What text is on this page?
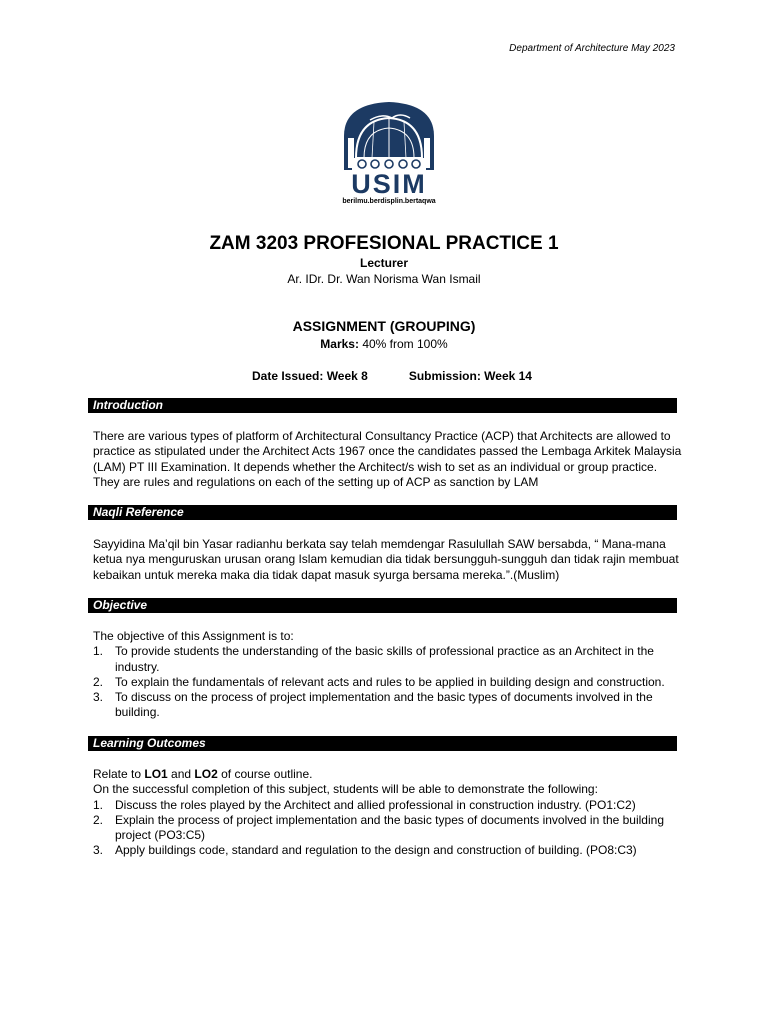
Department of Architecture May 2023
USIM
berilmu.berdisplin.bertaqwa
ZAM 3203 PROFESIONAL PRACTICE 1
Lecturer
Ar. IDr. Dr. Wan Norisma Wan Ismail
ASSIGNMENT (GROUPING)
Marks: 40% from 100%
Date Issued: Week 8	Submission: Week 14
Introduction

There are various types of platform of Architectural Consultancy Practice (ACP) that Architects are allowed to practice as stipulated under the Architect Acts 1967 once the candidates passed the Lembaga Arkitek Malaysia (LAM) PT III Examination. It depends whether the Architect/s wish to set as an individual or group practice. They are rules and regulations on each of the setting up of ACP as sanction by LAM

Naqli Reference

Sayyidina Ma’qil bin Yasar radianhu berkata say telah memdengar Rasulullah SAW bersabda, “ Mana-mana ketua nya menguruskan urusan orang Islam kemudian dia tidak bersungguh-sungguh dan tidak rajin membuat kebaikan untuk mereka maka dia tidak dapat masuk syurga bersama mereka.”.(Muslim)

Objective

The objective of this Assignment is to:

1. To provide students the understanding of the basic skills of professional practice as an Architect in the industry.
2. To explain the fundamentals of relevant acts and rules to be applied in building design and construction.
3. To discuss on the process of project implementation and the basic types of documents involved in the building.
Learning Outcomes

Relate to LO1 and LO2 of course outline.

On the successful completion of this subject, students will be able to demonstrate the following:

1. Discuss the roles played by the Architect and allied professional in construction industry. (PO1:C2)
2. Explain the process of project implementation and the basic types of documents involved in the building project (PO3:C5)
3. Apply buildings code, standard and regulation to the design and construction of building. (PO8:C3)
